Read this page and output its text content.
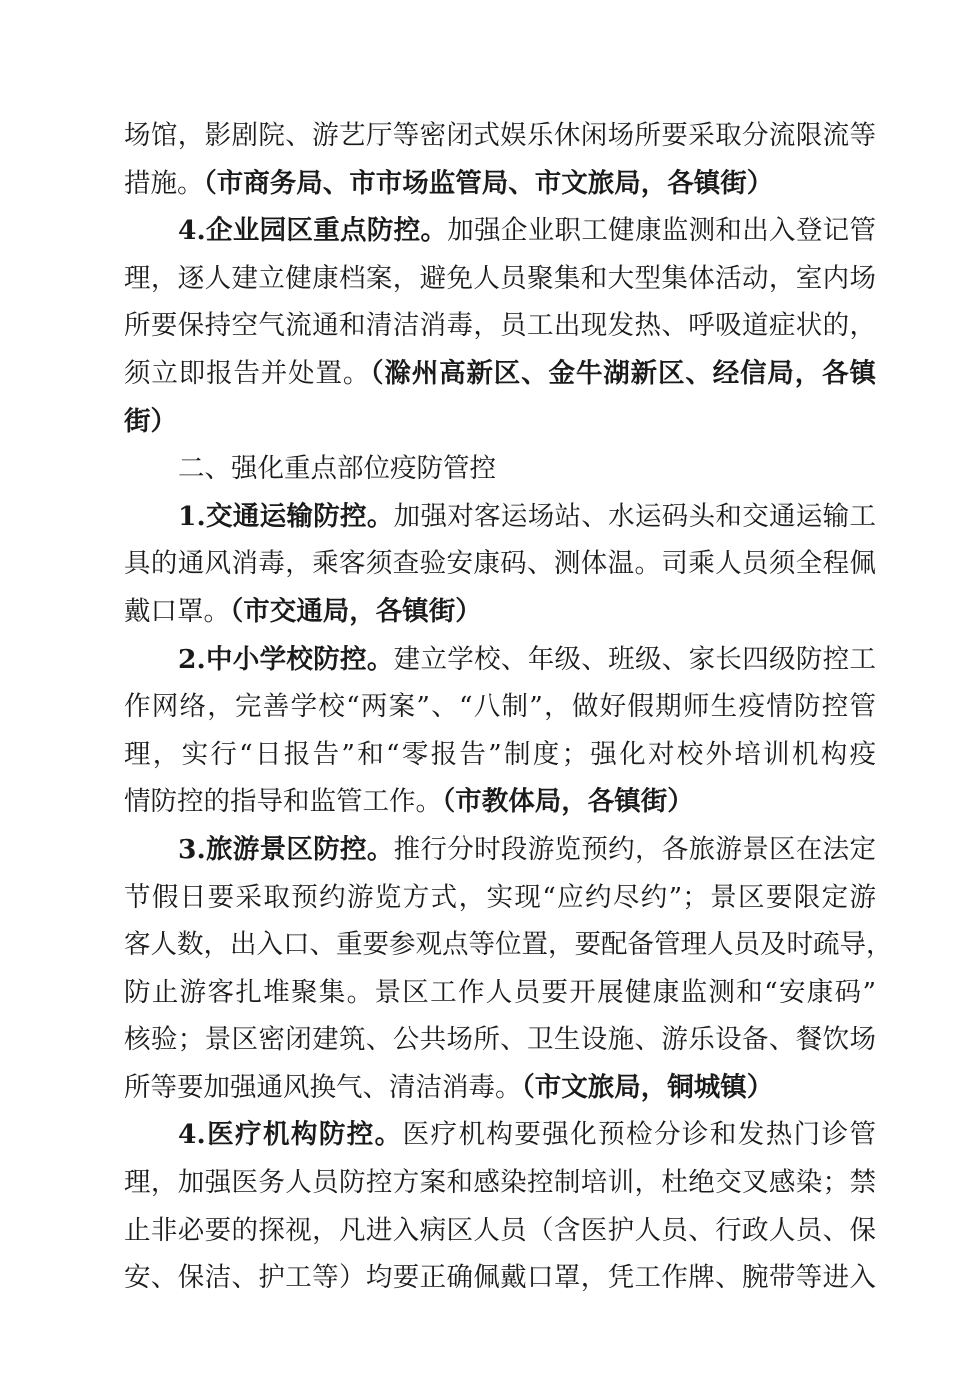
场馆，影剧院、游艺厅等密闭式娱乐休闲场所要采取分流限流等
措施。（市商务局、市市场监管局、市文旅局，各镇街）
4.企业园区重点防控。加强企业职工健康监测和出入登记管
理，逐人建立健康档案，避免人员聚集和大型集体活动，室内场
所要保持空气流通和清洁消毒，员工出现发热、呼吸道症状的，
须立即报告并处置。（滁州高新区、金牛湖新区、经信局，各镇
街）
二、强化重点部位疫防管控
1.交通运输防控。加强对客运场站、水运码头和交通运输工
具的通风消毒，乘客须查验安康码、测体温。司乘人员须全程佩
戴口罩。（市交通局，各镇街）
2.中小学校防控。建立学校、年级、班级、家长四级防控工
作网络，完善学校“两案”、“八制”，做好假期师生疫情防控管
理，实行“日报告”和“零报告”制度；强化对校外培训机构疫
情防控的指导和监管工作。（市教体局，各镇街）
3.旅游景区防控。推行分时段游览预约，各旅游景区在法定
节假日要采取预约游览方式，实现“应约尽约”；景区要限定游
客人数，出入口、重要参观点等位置，要配备管理人员及时疏导，
防止游客扎堆聚集。景区工作人员要开展健康监测和“安康码”
核验；景区密闭建筑、公共场所、卫生设施、游乐设备、餐饮场
所等要加强通风换气、清洁消毒。（市文旅局，铜城镇）
4.医疗机构防控。医疗机构要强化预检分诊和发热门诊管
理，加强医务人员防控方案和感染控制培训，杜绝交叉感染；禁
止非必要的探视，凡进入病区人员（含医护人员、行政人员、保
安、保洁、护工等）均要正确佩戴口罩，凭工作牌、腕带等进入
